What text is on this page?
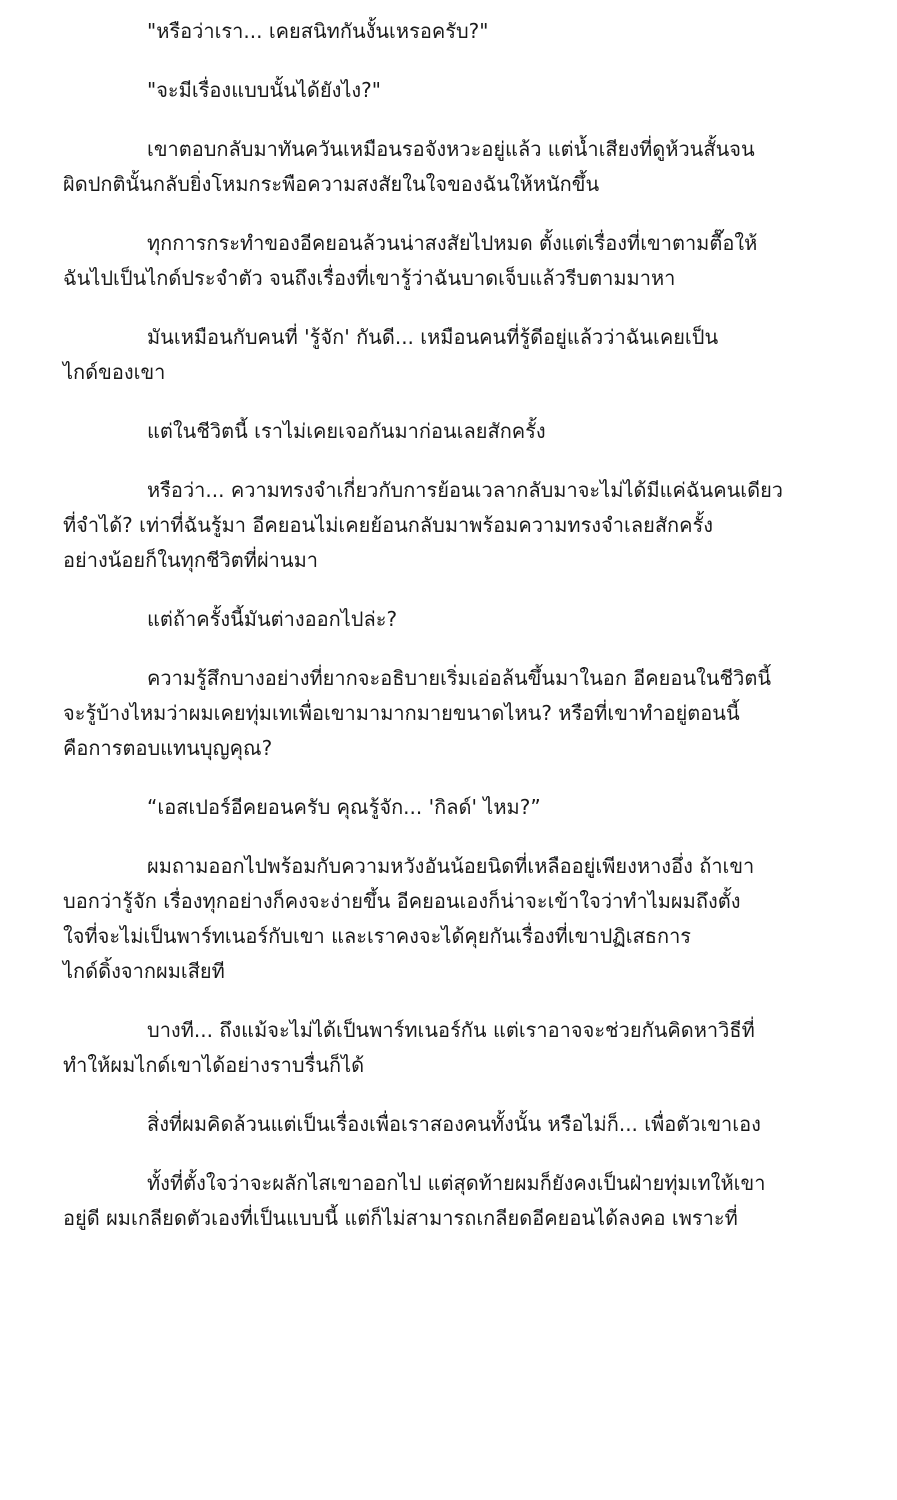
"หรือว่าเรา... เคยสนิทกันงั้นเหรอครับ?"

"จะมีเรื่องแบบนั้นได้ยังไง?"

เขาตอบกลับมาทันควันเหมือนรอจังหวะอยู่แล้ว แต่น้ำเสียงที่ดูห้วนสั้นจน
ผิดปกตินั้นกลับยิ่งโหมกระพือความสงสัยในใจของฉันให้หนักขึ้น

ทุกการกระทำของอีคยอนล้วนน่าสงสัยไปหมด ตั้งแต่เรื่องที่เขาตามตื๊อให้
ฉันไปเป็นไกด์ประจำตัว จนถึงเรื่องที่เขารู้ว่าฉันบาดเจ็บแล้วรีบตามมาหา

มันเหมือนกับคนที่ 'รู้จัก' กันดี... เหมือนคนที่รู้ดีอยู่แล้วว่าฉันเคยเป็น
ไกด์ของเขา

แต่ในชีวิตนี้ เราไม่เคยเจอกันมาก่อนเลยสักครั้ง

หรือว่า... ความทรงจำเกี่ยวกับการย้อนเวลากลับมาจะไม่ได้มีแค่ฉันคนเดียว
ที่จำได้? เท่าที่ฉันรู้มา อีคยอนไม่เคยย้อนกลับมาพร้อมความทรงจำเลยสักครั้ง
อย่างน้อยก็ในทุกชีวิตที่ผ่านมา

แต่ถ้าครั้งนี้มันต่างออกไปล่ะ?

ความรู้สึกบางอย่างที่ยากจะอธิบายเริ่มเอ่อล้นขึ้นมาในอก อีคยอนในชีวิตนี้
จะรู้บ้างไหมว่าผมเคยทุ่มเทเพื่อเขามามากมายขนาดไหน? หรือที่เขาทำอยู่ตอนนี้
คือการตอบแทนบุญคุณ?

“เอสเปอร์อีคยอนครับ คุณรู้จัก... 'กิลด์' ไหม?”

ผมถามออกไปพร้อมกับความหวังอันน้อยนิดที่เหลืออยู่เพียงหางอึ่ง ถ้าเขา
บอกว่ารู้จัก เรื่องทุกอย่างก็คงจะง่ายขึ้น อีคยอนเองก็น่าจะเข้าใจว่าทำไมผมถึงตั้ง
ใจที่จะไม่เป็นพาร์ทเนอร์กับเขา และเราคงจะได้คุยกันเรื่องที่เขาปฏิเสธการ
ไกด์ดิ้งจากผมเสียที

บางที... ถึงแม้จะไม่ได้เป็นพาร์ทเนอร์กัน แต่เราอาจจะช่วยกันคิดหาวิธีที่
ทำให้ผมไกด์เขาได้อย่างราบรื่นก็ได้

สิ่งที่ผมคิดล้วนแต่เป็นเรื่องเพื่อเราสองคนทั้งนั้น หรือไม่ก็... เพื่อตัวเขาเอง

ทั้งที่ตั้งใจว่าจะผลักไสเขาออกไป แต่สุดท้ายผมก็ยังคงเป็นฝ่ายทุ่มเทให้เขา
อยู่ดี ผมเกลียดตัวเองที่เป็นแบบนี้ แต่ก็ไม่สามารถเกลียดอีคยอนได้ลงคอ เพราะที่
